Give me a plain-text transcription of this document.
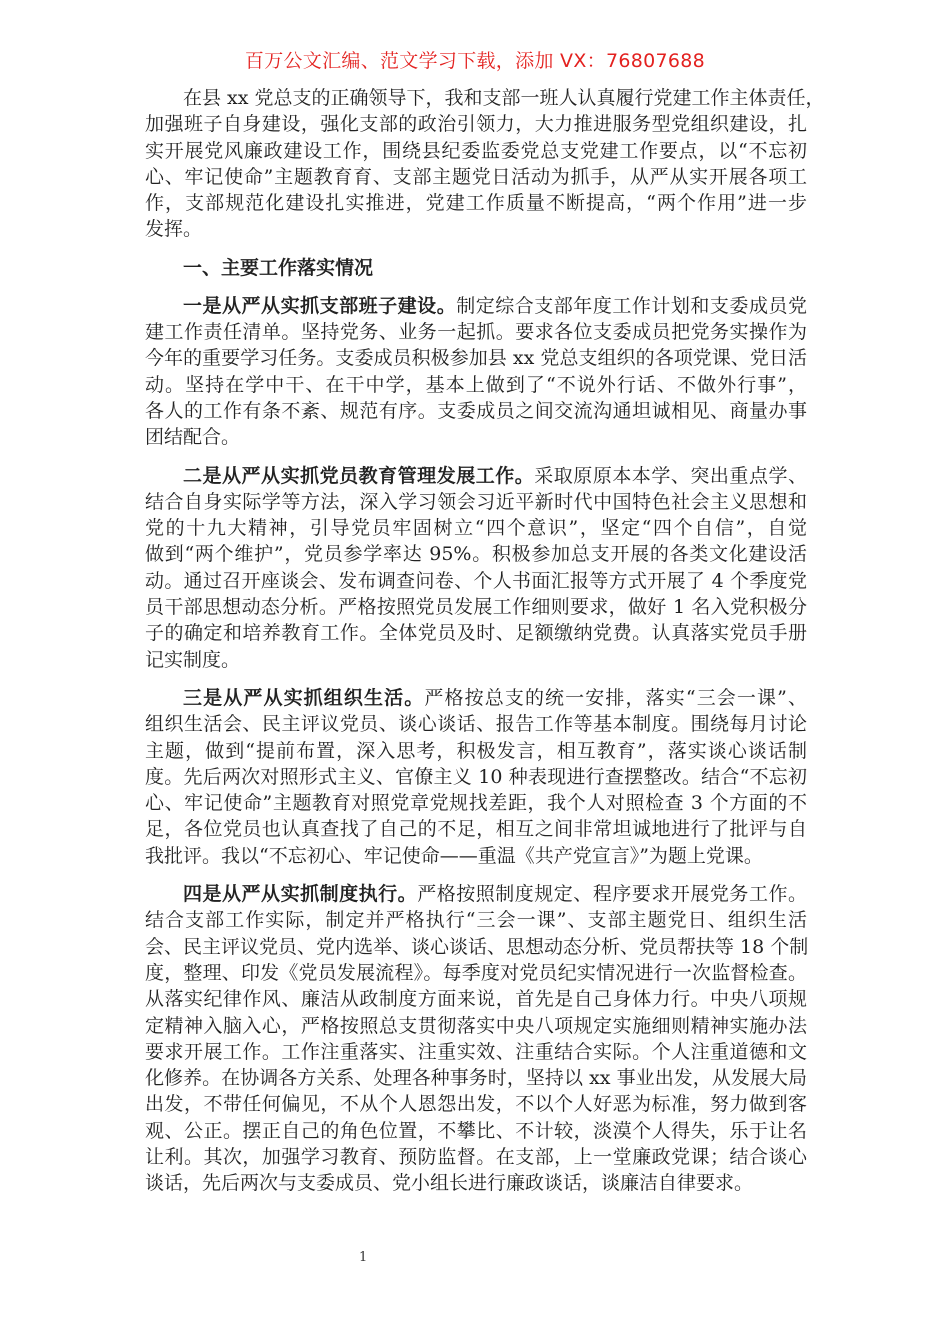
百万公文汇编、范文学习下载，添加 VX：76807688
在县 xx 党总支的正确领导下，我和支部一班人认真履行党建工作主体责任，
加强班子自身建设，强化支部的政治引领力，大力推进服务型党组织建设，扎
实开展党风廉政建设工作，围绕县纪委监委党总支党建工作要点，以“不忘初
心、牢记使命”主题教育育、支部主题党日活动为抓手，从严从实开展各项工
作，支部规范化建设扎实推进，党建工作质量不断提高，“两个作用”进一步
发挥。
一、主要工作落实情况
一是从严从实抓支部班子建设。制定综合支部年度工作计划和支委成员党
建工作责任清单。坚持党务、业务一起抓。要求各位支委成员把党务实操作为
今年的重要学习任务。支委成员积极参加县 xx 党总支组织的各项党课、党日活
动。坚持在学中干、在干中学，基本上做到了“不说外行话、不做外行事”，
各人的工作有条不紊、规范有序。支委成员之间交流沟通坦诚相见、商量办事
团结配合。
二是从严从实抓党员教育管理发展工作。采取原原本本学、突出重点学、
结合自身实际学等方法，深入学习领会习近平新时代中国特色社会主义思想和
党的十九大精神，引导党员牢固树立“四个意识”，坚定“四个自信”，自觉
做到“两个维护”，党员参学率达 95%。积极参加总支开展的各类文化建设活
动。通过召开座谈会、发布调查问卷、个人书面汇报等方式开展了 4 个季度党
员干部思想动态分析。严格按照党员发展工作细则要求，做好 1 名入党积极分
子的确定和培养教育工作。全体党员及时、足额缴纳党费。认真落实党员手册
记实制度。
三是从严从实抓组织生活。严格按总支的统一安排，落实“三会一课”、
组织生活会、民主评议党员、谈心谈话、报告工作等基本制度。围绕每月讨论
主题，做到“提前布置，深入思考，积极发言，相互教育”，落实谈心谈话制
度。先后两次对照形式主义、官僚主义 10 种表现进行查摆整改。结合“不忘初
心、牢记使命”主题教育对照党章党规找差距，我个人对照检查 3 个方面的不
足，各位党员也认真查找了自己的不足，相互之间非常坦诚地进行了批评与自
我批评。我以“不忘初心、牢记使命——重温《共产党宣言》”为题上党课。
四是从严从实抓制度执行。严格按照制度规定、程序要求开展党务工作。
结合支部工作实际，制定并严格执行“三会一课”、支部主题党日、组织生活
会、民主评议党员、党内选举、谈心谈话、思想动态分析、党员帮扶等 18 个制
度，整理、印发《党员发展流程》。每季度对党员纪实情况进行一次监督检查。
从落实纪律作风、廉洁从政制度方面来说，首先是自己身体力行。中央八项规
定精神入脑入心，严格按照总支贯彻落实中央八项规定实施细则精神实施办法
要求开展工作。工作注重落实、注重实效、注重结合实际。个人注重道德和文
化修养。在协调各方关系、处理各种事务时，坚持以 xx 事业出发，从发展大局
出发，不带任何偏见，不从个人恩怨出发，不以个人好恶为标准，努力做到客
观、公正。摆正自己的角色位置，不攀比、不计较，淡漠个人得失，乐于让名
让利。其次，加强学习教育、预防监督。在支部，上一堂廉政党课；结合谈心
谈话，先后两次与支委成员、党小组长进行廉政谈话，谈廉洁自律要求。
1
